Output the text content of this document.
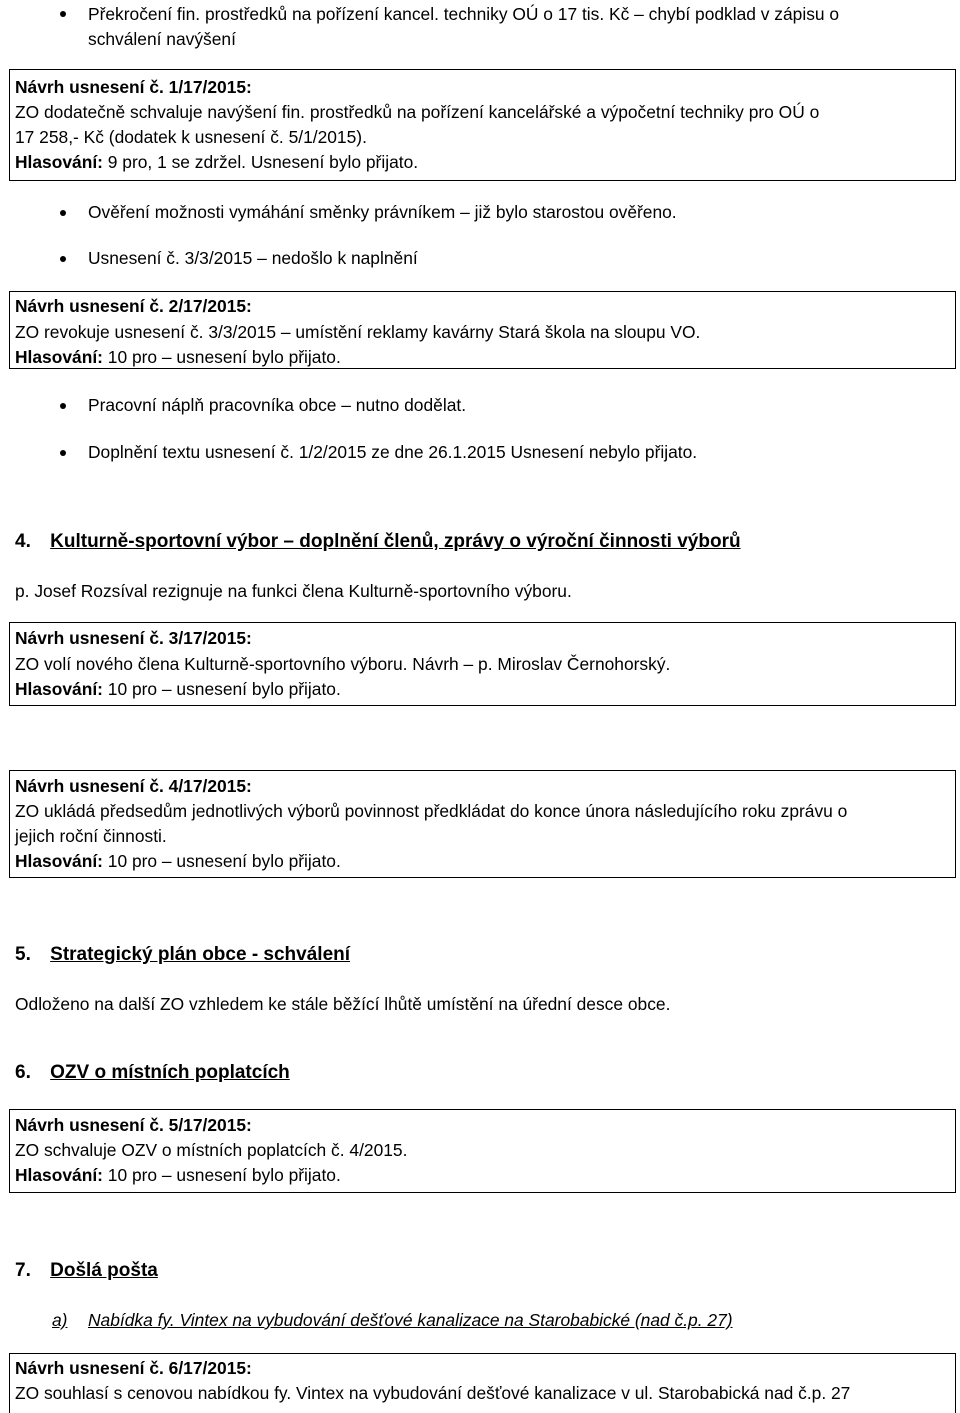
Překročení fin. prostředků na pořízení kancel. techniky OÚ o 17 tis. Kč – chybí podklad v zápisu o
schválení navýšení
Návrh usnesení č. 1/17/2015:
ZO dodatečně schvaluje navýšení fin. prostředků na pořízení kancelářské a výpočetní techniky pro OÚ o
17 258,- Kč (dodatek k usnesení č. 5/1/2015).
Hlasování: 9 pro, 1 se zdržel. Usnesení bylo přijato.
Ověření možnosti vymáhání směnky právníkem – již bylo starostou ověřeno.
Usnesení č. 3/3/2015 – nedošlo k naplnění
Návrh usnesení č. 2/17/2015:
ZO revokuje usnesení č. 3/3/2015 – umístění reklamy kavárny Stará škola na sloupu VO.
Hlasování: 10 pro – usnesení bylo přijato.
Pracovní náplň pracovníka obce – nutno dodělat.
Doplnění textu usnesení č. 1/2/2015 ze dne 26.1.2015 Usnesení nebylo přijato.
4. Kulturně-sportovní výbor – doplnění členů, zprávy o výroční činnosti výborů
p. Josef Rozsíval rezignuje na funkci člena Kulturně-sportovního výboru.
Návrh usnesení č. 3/17/2015:
ZO volí nového člena Kulturně-sportovního výboru. Návrh – p. Miroslav Černohorský.
Hlasování: 10 pro – usnesení bylo přijato.
Návrh usnesení č. 4/17/2015:
ZO ukládá předsedům jednotlivých výborů povinnost předkládat do konce února následujícího roku zprávu o
jejich roční činnosti.
Hlasování: 10 pro – usnesení bylo přijato.
5. Strategický plán obce - schválení
Odloženo na další ZO vzhledem ke stále běžící lhůtě umístění na úřední desce obce.
6. OZV o místních poplatcích
Návrh usnesení č. 5/17/2015:
ZO schvaluje OZV o místních poplatcích č. 4/2015.
Hlasování: 10 pro – usnesení bylo přijato.
7. Došlá pošta
a) Nabídka fy. Vintex na vybudování dešťové kanalizace na Starobabické (nad č.p. 27)
Návrh usnesení č. 6/17/2015:
ZO souhlasí s cenovou nabídkou fy. Vintex na vybudování dešťové kanalizace v ul. Starobabická nad č.p. 27
